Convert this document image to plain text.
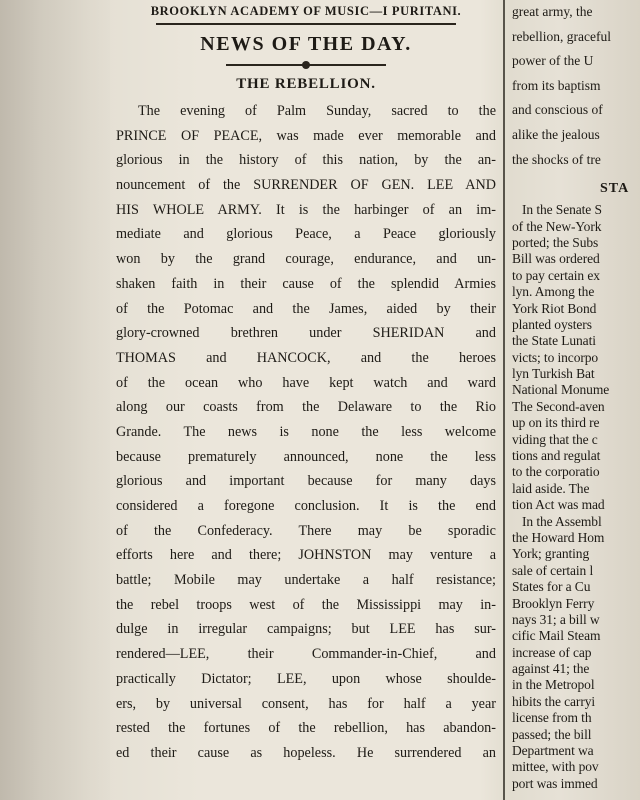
BROOKLYN ACADEMY OF MUSIC—I PURITANI.
NEWS OF THE DAY.
THE REBELLION.
The evening of Palm Sunday, sacred to the
PRINCE OF PEACE, was made ever memorable and
glorious in the history of this nation, by the an-
nouncement of the SURRENDER OF GEN. LEE AND
HIS WHOLE ARMY. It is the harbinger of an im-
mediate and glorious Peace, a Peace gloriously
won by the grand courage, endurance, and un-
shaken faith in their cause of the splendid Armies
of the Potomac and the James, aided by their
glory-crowned brethren under SHERIDAN and
THOMAS and HANCOCK, and the heroes
of the ocean who have kept watch and ward
along our coasts from the Delaware to the Rio
Grande. The news is none the less welcome
because prematurely announced, none the less
glorious and important because for many days
considered a foregone conclusion. It is the end
of the Confederacy. There may be sporadic
efforts here and there; JOHNSTON may venture a
battle; Mobile may undertake a half resistance;
the rebel troops west of the Mississippi may in-
dulge in irregular campaigns; but LEE has sur-
rendered—LEE, their Commander-in-Chief, and
practically Dictator; LEE, upon whose shoulde-
ers, by universal consent, has for half a year
rested the fortunes of the rebellion, has abandon-
ed their cause as hopeless. He surrendered an
great army, the
rebellion, graceful
power of the U
from its baptism
and conscious of
alike the jealous
the shocks of tre
STA
In the Senate S
of the New-York
ported; the Subs
Bill was ordered
to pay certain ex
lyn. Among the
York Riot Bond
planted oysters
the State Lunati
victs; to incorpo
lyn Turkish Bat
National Monume
The Second-aven
up on its third re
viding that the c
tions and regulat
to the corporatio
laid aside. The
tion Act was mad
In the Assembl
the Howard Hom
York; granting
sale of certain l
States for a Cu
Brooklyn Ferry
nays 31; a bill w
cific Mail Steam
increase of cap
against 41; the
in the Metropol
hibits the carryi
license from th
passed; the bill
Department wa
mittee, with pov
port was immed
